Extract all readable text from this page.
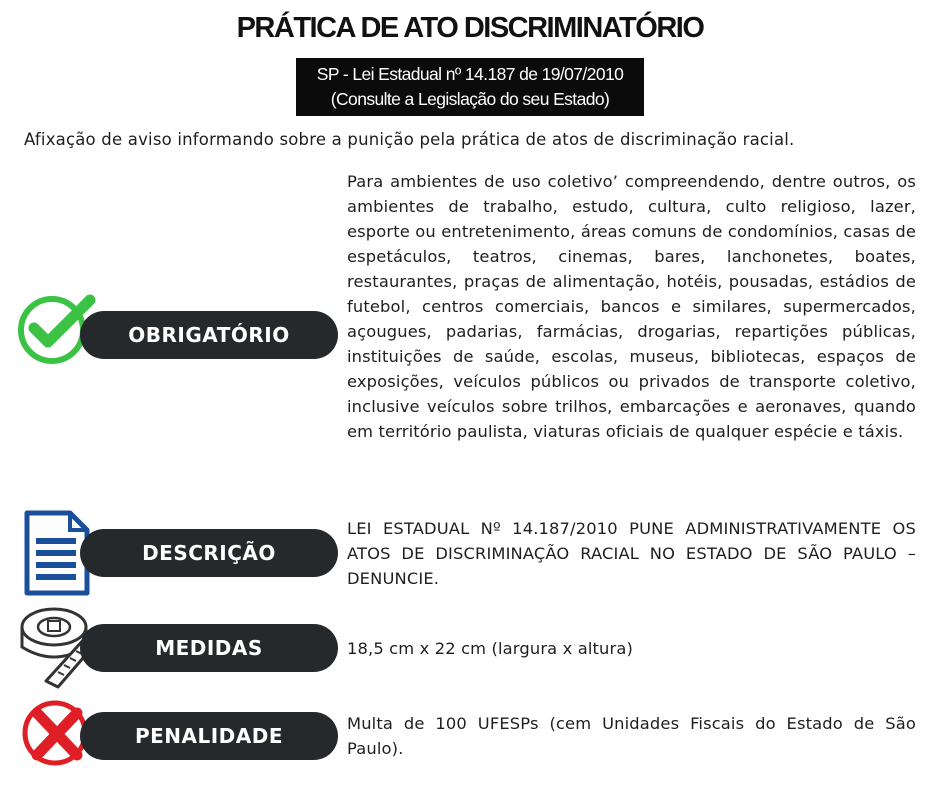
PRÁTICA DE ATO DISCRIMINATÓRIO
SP - Lei Estadual nº 14.187 de 19/07/2010
(Consulte a Legislação do seu Estado)
Afixação de aviso informando sobre a punição pela prática de atos de discriminação racial.
OBRIGATÓRIO
Para ambientes de uso coletivo’ compreendendo, dentre outros, os ambientes de trabalho, estudo, cultura, culto religioso, lazer, esporte ou entretenimento, áreas comuns de condomínios, casas de espetáculos, teatros, cinemas, bares, lanchonetes, boates, restaurantes, praças de alimentação, hotéis, pousadas, estádios de futebol, centros comerciais, bancos e similares, supermercados, açougues, padarias, farmácias, drogarias, repartições públicas, instituições de saúde, escolas, museus, bibliotecas, espaços de exposições, veículos públicos ou privados de transporte coletivo, inclusive veículos sobre trilhos, embarcações e aeronaves, quando em território paulista, viaturas oficiais de qualquer espécie e táxis.
DESCRIÇÃO
LEI ESTADUAL Nº 14.187/2010 PUNE ADMINISTRATIVAMENTE OS ATOS DE DISCRIMINAÇÃO RACIAL NO ESTADO DE SÃO PAULO – DENUNCIE.
MEDIDAS	18,5 cm x 22 cm (largura x altura)
PENALIDADE
Multa de 100 UFESPs (cem Unidades Fiscais do Estado de São Paulo).
